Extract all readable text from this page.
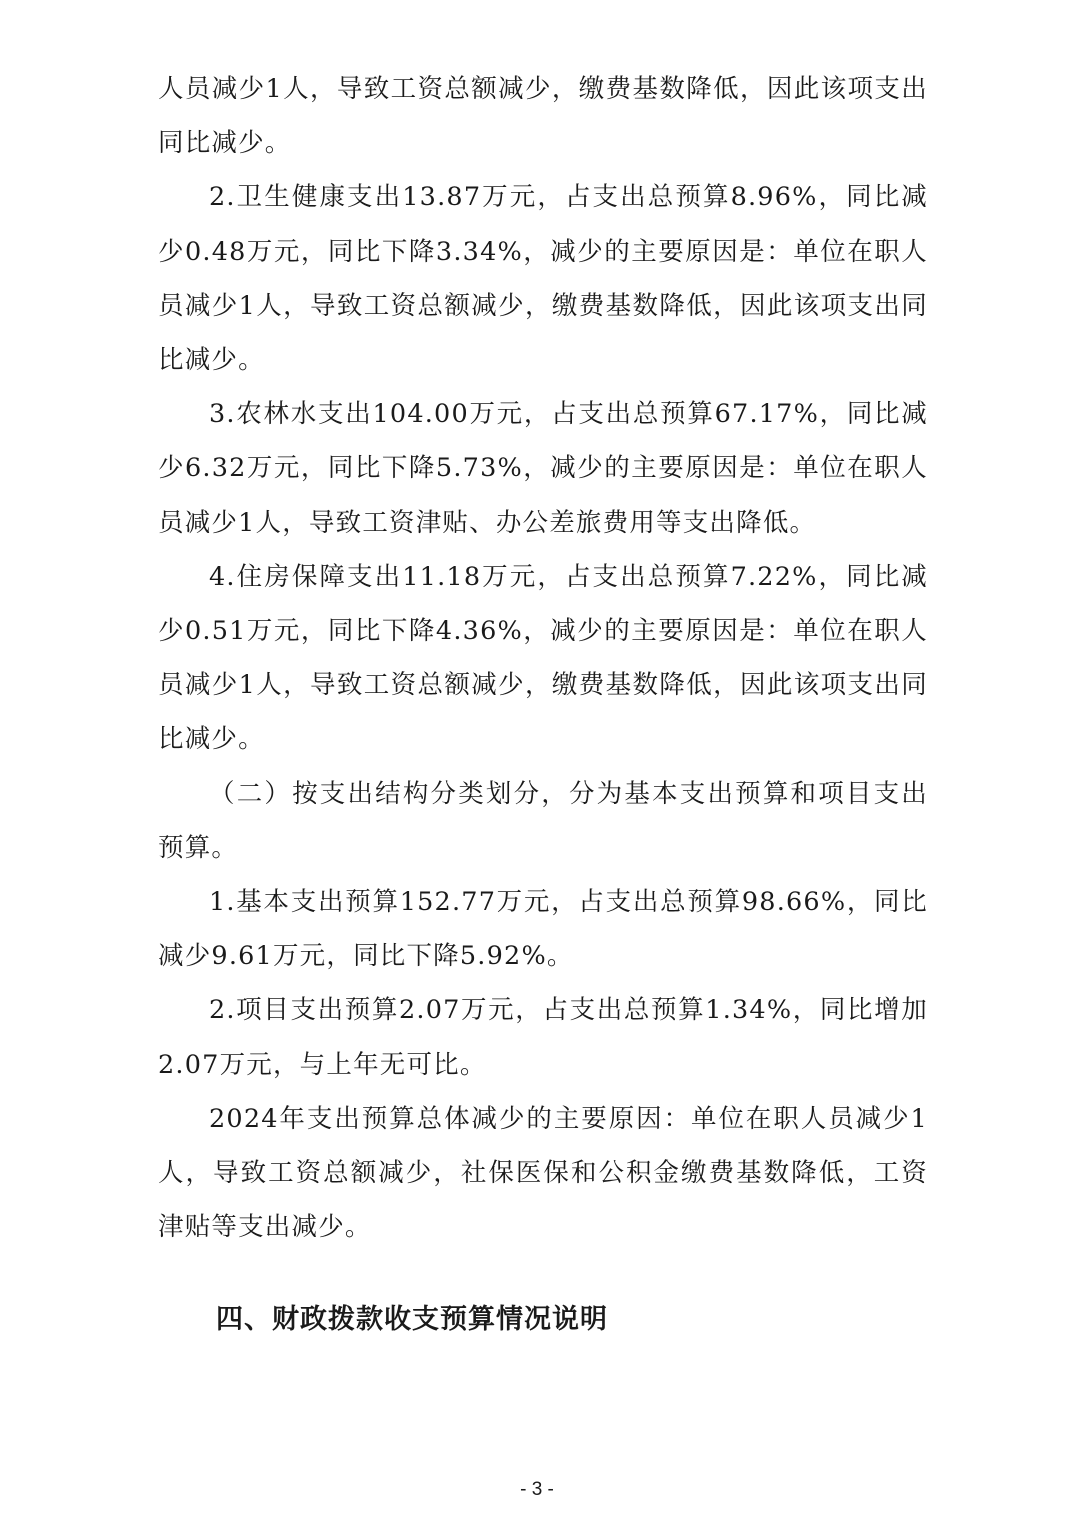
人员减少1人，导致工资总额减少，缴费基数降低，因此该项支出同比减少。

2.卫生健康支出13.87万元，占支出总预算8.96%，同比减少0.48万元，同比下降3.34%，减少的主要原因是：单位在职人员减少1人，导致工资总额减少，缴费基数降低，因此该项支出同比减少。

3.农林水支出104.00万元，占支出总预算67.17%，同比减少6.32万元，同比下降5.73%，减少的主要原因是：单位在职人员减少1人，导致工资津贴、办公差旅费用等支出降低。

4.住房保障支出11.18万元，占支出总预算7.22%，同比减少0.51万元，同比下降4.36%，减少的主要原因是：单位在职人员减少1人，导致工资总额减少，缴费基数降低，因此该项支出同比减少。

（二）按支出结构分类划分，分为基本支出预算和项目支出预算。

1.基本支出预算152.77万元，占支出总预算98.66%，同比减少9.61万元，同比下降5.92%。

2.项目支出预算2.07万元，占支出总预算1.34%，同比增加2.07万元，与上年无可比。

2024年支出预算总体减少的主要原因：单位在职人员减少1人，导致工资总额减少，社保医保和公积金缴费基数降低，工资津贴等支出减少。

四、财政拨款收支预算情况说明
- 3 -
